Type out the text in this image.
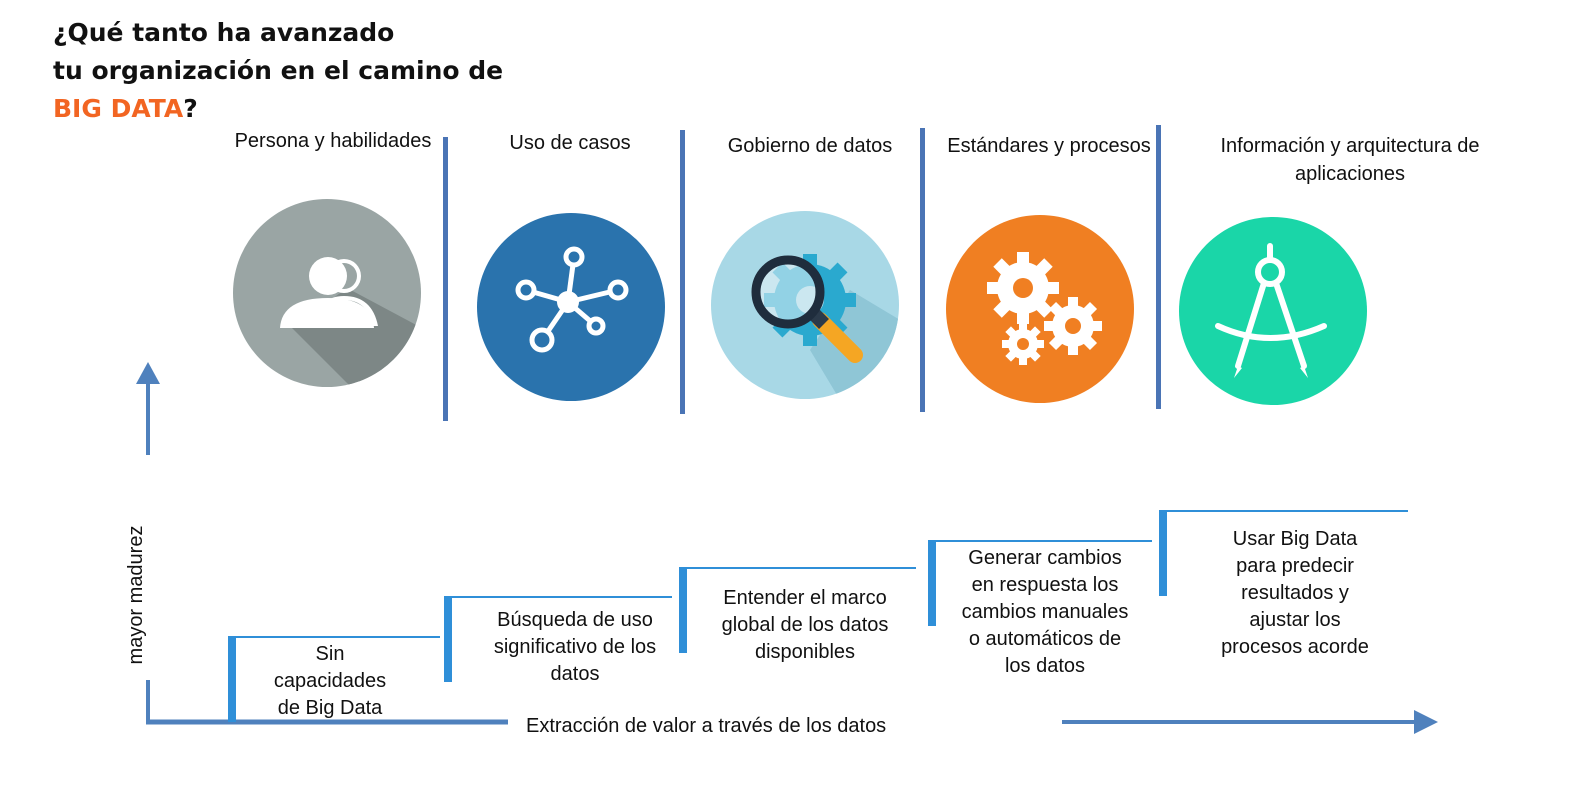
¿Qué tanto ha avanzado
tu organización en el camino de
BIG DATA?
Persona y habilidades	Uso de casos	Gobierno de datos	Estándares y procesos	Información y arquitectura de
aplicaciones
mayor madurez
Extracción de valor a través de los datos
Sin
capacidades
de Big Data
Búsqueda de uso
significativo de los
datos
Entender el marco
global de los datos
disponibles
Generar cambios
en respuesta los
cambios manuales
o automáticos de
los datos
Usar Big Data
para predecir
resultados y
ajustar los
procesos acorde
